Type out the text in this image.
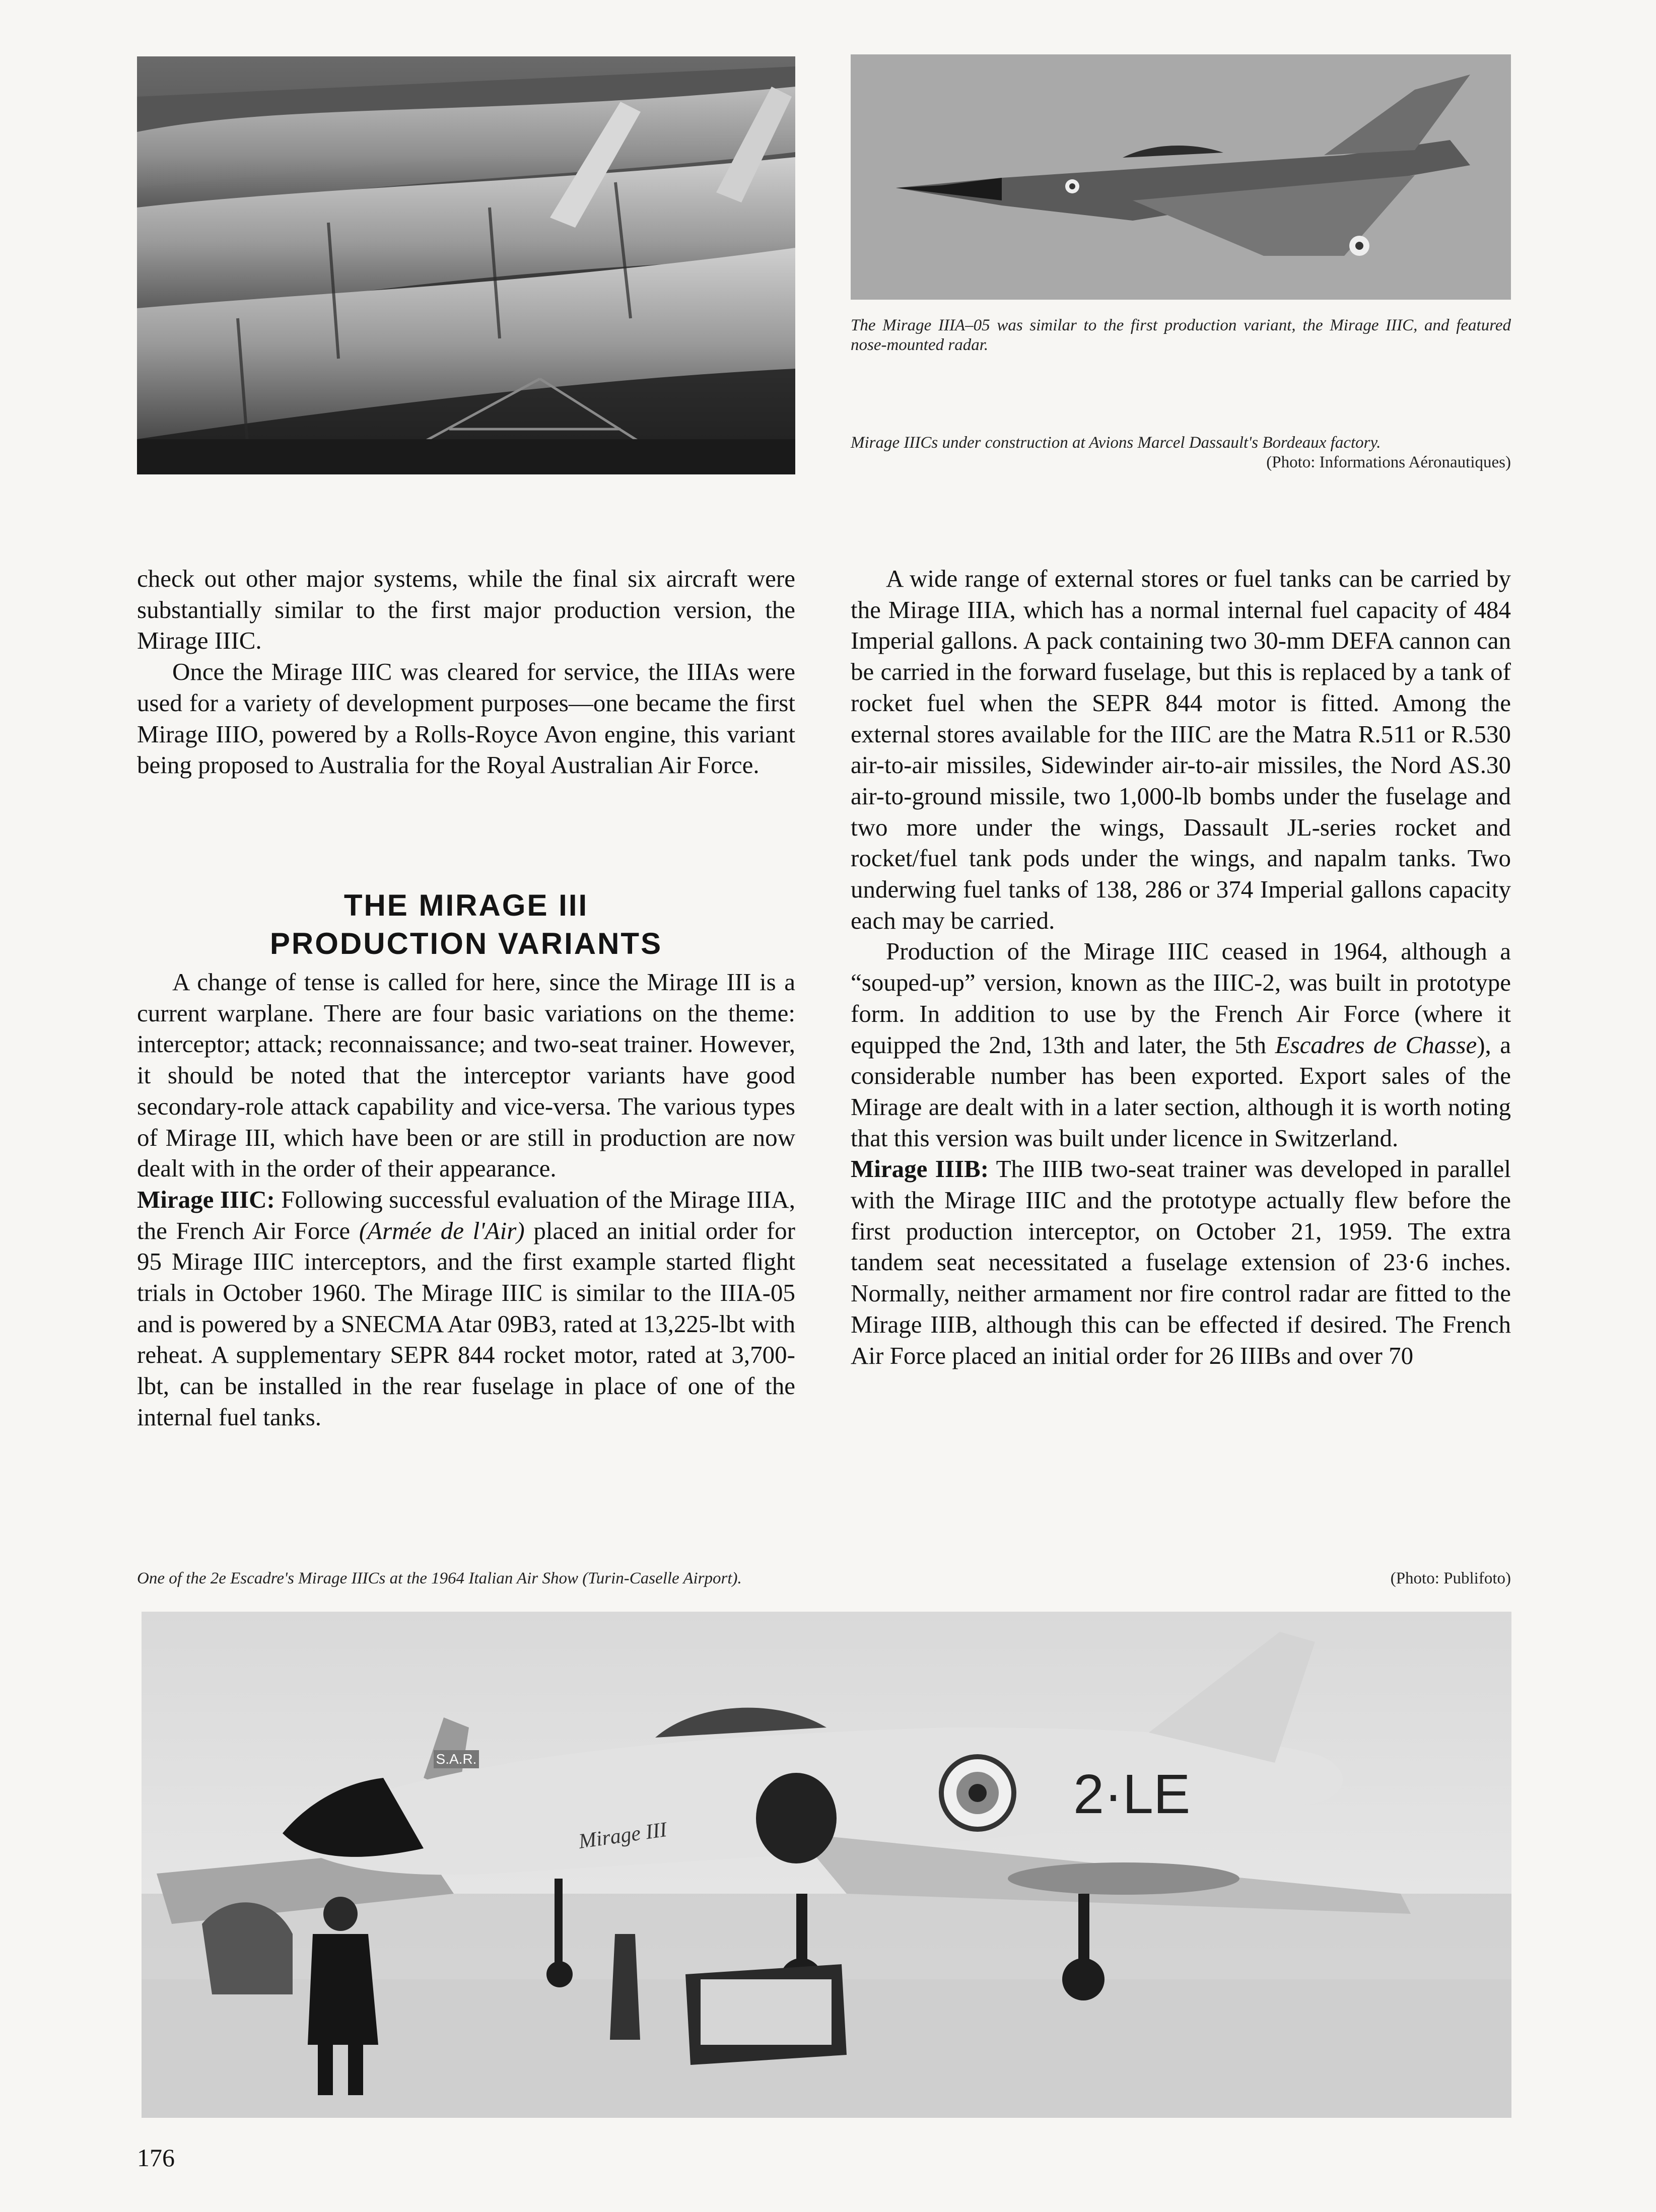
The Mirage IIIA–05 was similar to the first production variant, the Mirage IIIC, and featured nose-mounted radar.
Mirage IIICs under construction at Avions Marcel Dassault's Bordeaux factory.
(Photo: Informations Aéronautiques)

check out other major systems, while the final six aircraft were substantially similar to the first major production version, the Mirage IIIC.

Once the Mirage IIIC was cleared for service, the IIIAs were used for a variety of development purposes—one became the first Mirage IIIO, powered by a Rolls-Royce Avon engine, this variant being proposed to Australia for the Royal Australian Air Force.

THE MIRAGE III
PRODUCTION VARIANTS

A change of tense is called for here, since the Mirage III is a current warplane. There are four basic variations on the theme: interceptor; attack; reconnaissance; and two-seat trainer. However, it should be noted that the interceptor variants have good secondary-role attack capability and vice-versa. The various types of Mirage III, which have been or are still in production are now dealt with in the order of their appearance.

Mirage IIIC: Following successful evaluation of the Mirage IIIA, the French Air Force (Armée de l'Air) placed an initial order for 95 Mirage IIIC interceptors, and the first example started flight trials in October 1960. The Mirage IIIC is similar to the IIIA-05 and is powered by a SNECMA Atar 09B3, rated at 13,225-lbt with reheat. A supplementary SEPR 844 rocket motor, rated at 3,700-lbt, can be installed in the rear fuselage in place of one of the internal fuel tanks.

A wide range of external stores or fuel tanks can be carried by the Mirage IIIA, which has a normal internal fuel capacity of 484 Imperial gallons. A pack containing two 30-mm DEFA cannon can be carried in the forward fuselage, but this is replaced by a tank of rocket fuel when the SEPR 844 motor is fitted. Among the external stores available for the IIIC are the Matra R.511 or R.530 air-to-air missiles, Sidewinder air-to-air missiles, the Nord AS.30 air-to-ground missile, two 1,000-lb bombs under the fuselage and two more under the wings, Dassault JL-series rocket and rocket/fuel tank pods under the wings, and napalm tanks. Two underwing fuel tanks of 138, 286 or 374 Imperial gallons capacity each may be carried.

Production of the Mirage IIIC ceased in 1964, although a “souped-up” version, known as the IIIC-2, was built in prototype form. In addition to use by the French Air Force (where it equipped the 2nd, 13th and later, the 5th Escadres de Chasse), a considerable number has been exported. Export sales of the Mirage are dealt with in a later section, although it is worth noting that this version was built under licence in Switzerland.

Mirage IIIB: The IIIB two-seat trainer was developed in parallel with the Mirage IIIC and the prototype actually flew before the first production interceptor, on October 21, 1959. The extra tandem seat necessitated a fuselage extension of 23·6 inches. Normally, neither armament nor fire control radar are fitted to the Mirage IIIB, although this can be effected if desired. The French Air Force placed an initial order for 26 IIIBs and over 70

One of the 2e Escadre's Mirage IIICs at the 1964 Italian Air Show (Turin-Caselle Airport).	(Photo: Publifoto)
S.A.R.
2·LE
Mirage III
176
